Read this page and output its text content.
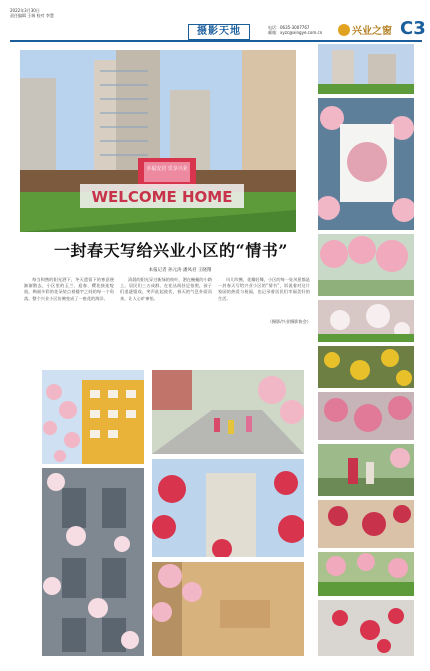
2022年3月30日
责任编辑 王瑞 校对 李慧
摄影天地	电话：0635-3007767
邮箱：xyzc@xingye.com.cn	兴业之窗 C3
幸福安居 乐享兴业
WELCOME HOME
一封春天写给兴业小区的“情书”
本报记者 孙元涛 潘凤君 王晓翔
每当和煦的阳光洒下，冬天遗留下的寒意便渐渐散去，小区里的玉兰、迎春、樱花接连绽放，绚丽多彩的花朵装点着楼宇之间的每一个角落，整个兴业小区仿佛变成了一座花的海洋。
清晨的阳光穿过新绿的枝叶，洒在蜿蜒的小路上，居民们三五成群，在花丛间驻足拍照，孩子们追逐嬉戏，笑声此起彼伏，春天的气息扑面而来，让人心旷神怡。
风儿吹拂，花瓣轻舞，小区的每一处风景都是一封春天写给兴业小区的“情书”，诉说着对这片家园的热爱与祝福，也记录着居民们幸福美好的生活。
（摄影/兴业摄影协会）
